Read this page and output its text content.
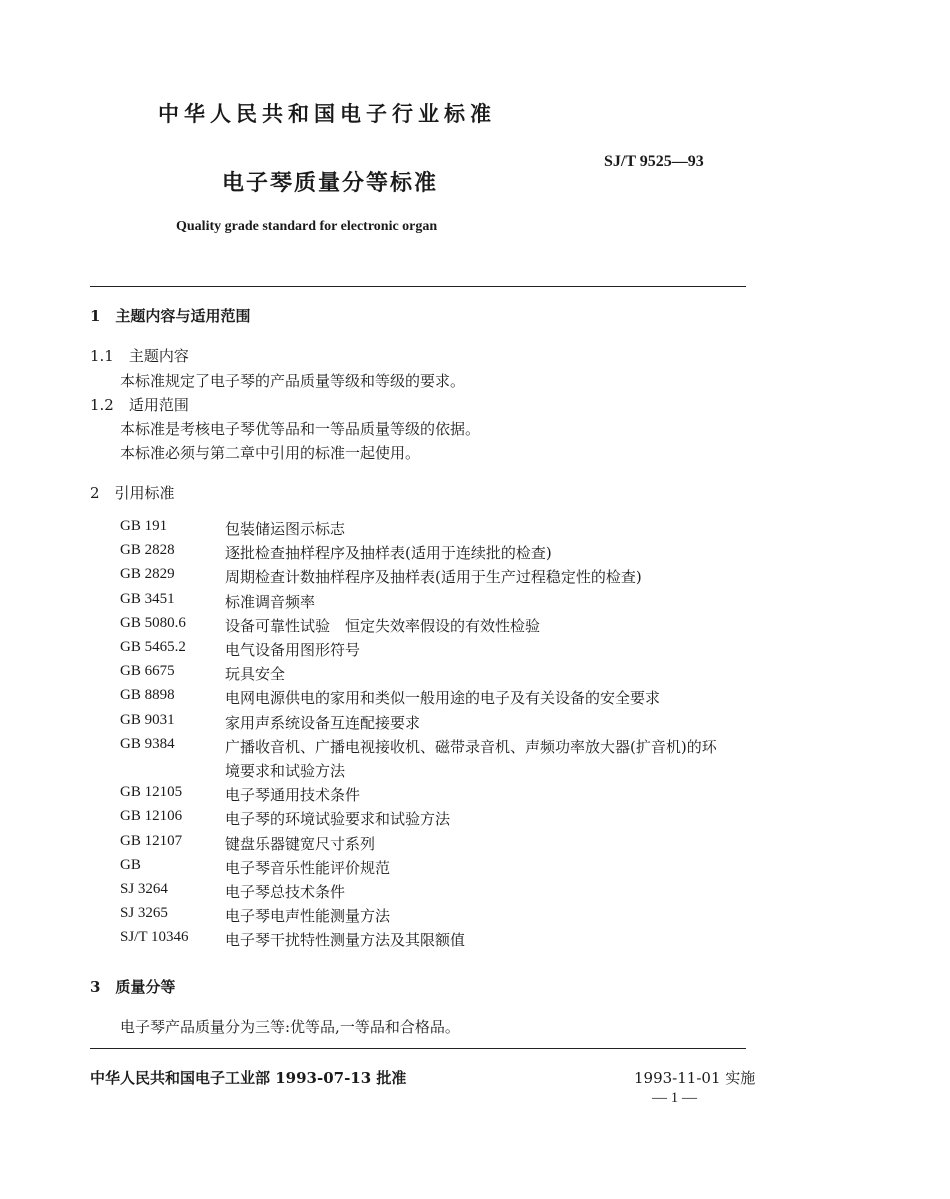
中华人民共和国电子行业标准
SJ/T 9525—93
电子琴质量分等标准
Quality grade standard for electronic organ
1　主题内容与适用范围
1.1　主题内容
本标准规定了电子琴的产品质量等级和等级的要求。
1.2　适用范围
本标准是考核电子琴优等品和一等品质量等级的依据。
本标准必须与第二章中引用的标准一起使用。
2　引用标准
GB 191	包装储运图示标志
GB 2828	逐批检查抽样程序及抽样表(适用于连续批的检查)
GB 2829	周期检查计数抽样程序及抽样表(适用于生产过程稳定性的检查)
GB 3451	标准调音频率
GB 5080.6	设备可靠性试验　恒定失效率假设的有效性检验
GB 5465.2	电气设备用图形符号
GB 6675	玩具安全
GB 8898	电网电源供电的家用和类似一般用途的电子及有关设备的安全要求
GB 9031	家用声系统设备互连配接要求
GB 9384	广播收音机、广播电视接收机、磁带录音机、声频功率放大器(扩音机)的环
境要求和试验方法
GB 12105	电子琴通用技术条件
GB 12106	电子琴的环境试验要求和试验方法
GB 12107	键盘乐器键宽尺寸系列
GB	电子琴音乐性能评价规范
SJ 3264	电子琴总技术条件
SJ 3265	电子琴电声性能测量方法
SJ/T 10346 电子琴干扰特性测量方法及其限额值
3　质量分等
电子琴产品质量分为三等:优等品,一等品和合格品。
中华人民共和国电子工业部 1993-07-13 批准	1993-11-01 实施
— 1 —
